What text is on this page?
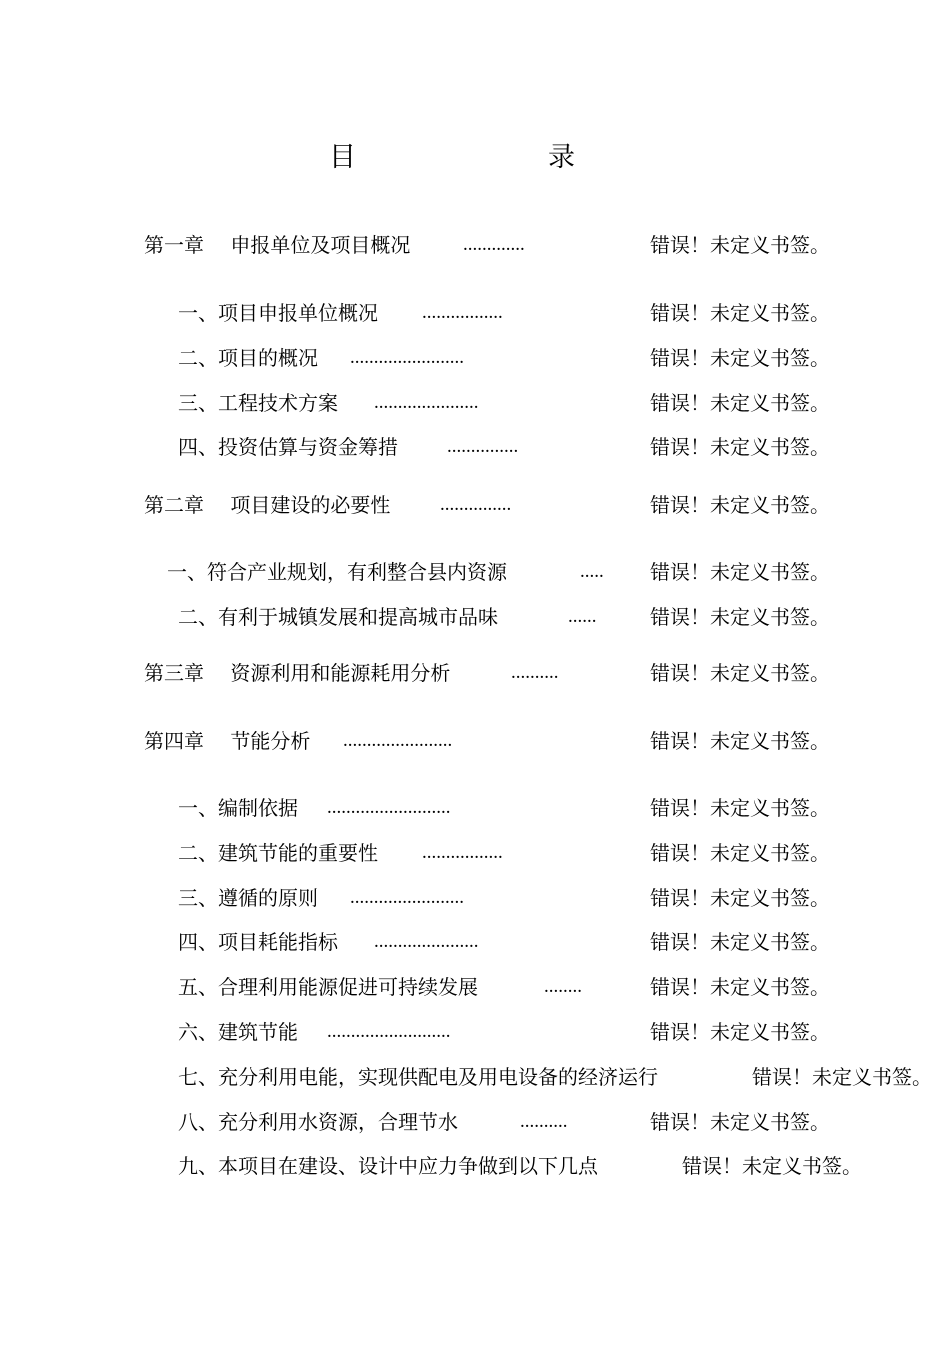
目　　录
第一章　 申报单位及项目概况	.............	错误！未定义书签。
一、项目申报单位概况 .................	错误！未定义书签。
二、项目的概况 ........................	错误！未定义书签。
三、工程技术方案 ......................	错误！未定义书签。
四、投资估算与资金筹措	...............	错误！未定义书签。
第二章　 项目建设的必要性	...............	错误！未定义书签。
一、符合产业规划，有利整合县内资源	..... 错误！未定义书签。
二、有利于城镇发展和提高城市品味	......	错误！未定义书签。
第三章　 资源利用和能源耗用分析	..........	错误！未定义书签。
第四章　 节能分析 .......................	错误！未定义书签。
一、编制依据 ..........................	错误！未定义书签。
二、建筑节能的重要性 .................	错误！未定义书签。
三、遵循的原则 ........................	错误！未定义书签。
四、项目耗能指标 ......................	错误！未定义书签。
五、合理利用能源促进可持续发展	........	错误！未定义书签。
六、建筑节能 ..........................	错误！未定义书签。
七、充分利用电能，实现供配电及用电设备的经济运行	错误！未定义书签。
八、充分利用水资源，合理节水	..........	错误！未定义书签。
九、本项目在建设、设计中应力争做到以下几点	错误！未定义书签。
